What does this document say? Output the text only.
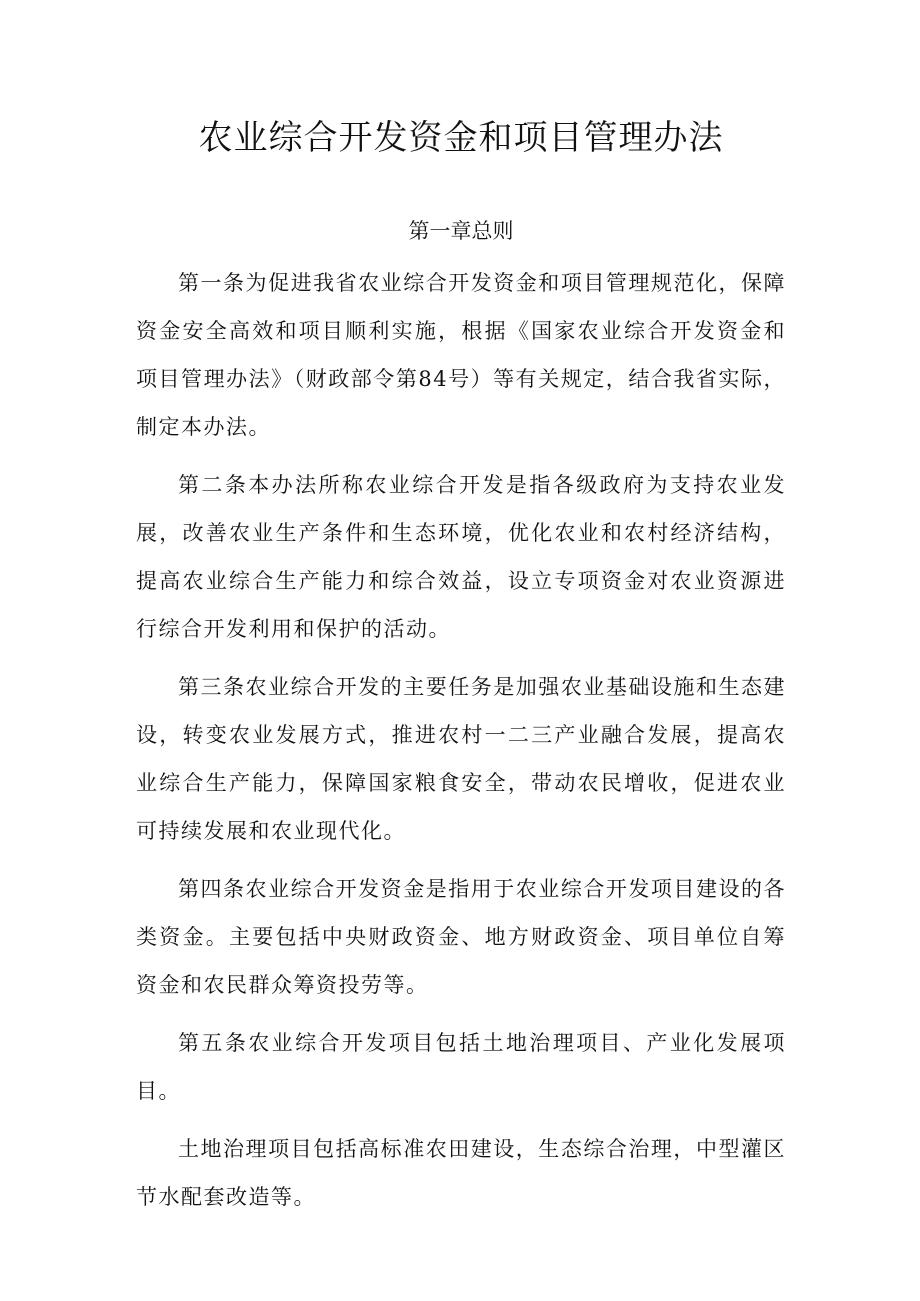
农业综合开发资金和项目管理办法
第一章总则

第一条为促进我省农业综合开发资金和项目管理规范化，保障资金安全高效和项目顺利实施，根据《国家农业综合开发资金和项目管理办法》（财政部令第84号）等有关规定，结合我省实际，制定本办法。

第二条本办法所称农业综合开发是指各级政府为支持农业发展，改善农业生产条件和生态环境，优化农业和农村经济结构，提高农业综合生产能力和综合效益，设立专项资金对农业资源进行综合开发利用和保护的活动。

第三条农业综合开发的主要任务是加强农业基础设施和生态建设，转变农业发展方式，推进农村一二三产业融合发展，提高农业综合生产能力，保障国家粮食安全，带动农民增收，促进农业可持续发展和农业现代化。

第四条农业综合开发资金是指用于农业综合开发项目建设的各类资金。主要包括中央财政资金、地方财政资金、项目单位自筹资金和农民群众筹资投劳等。

第五条农业综合开发项目包括土地治理项目、产业化发展项目。

土地治理项目包括高标准农田建设，生态综合治理，中型灌区节水配套改造等。
